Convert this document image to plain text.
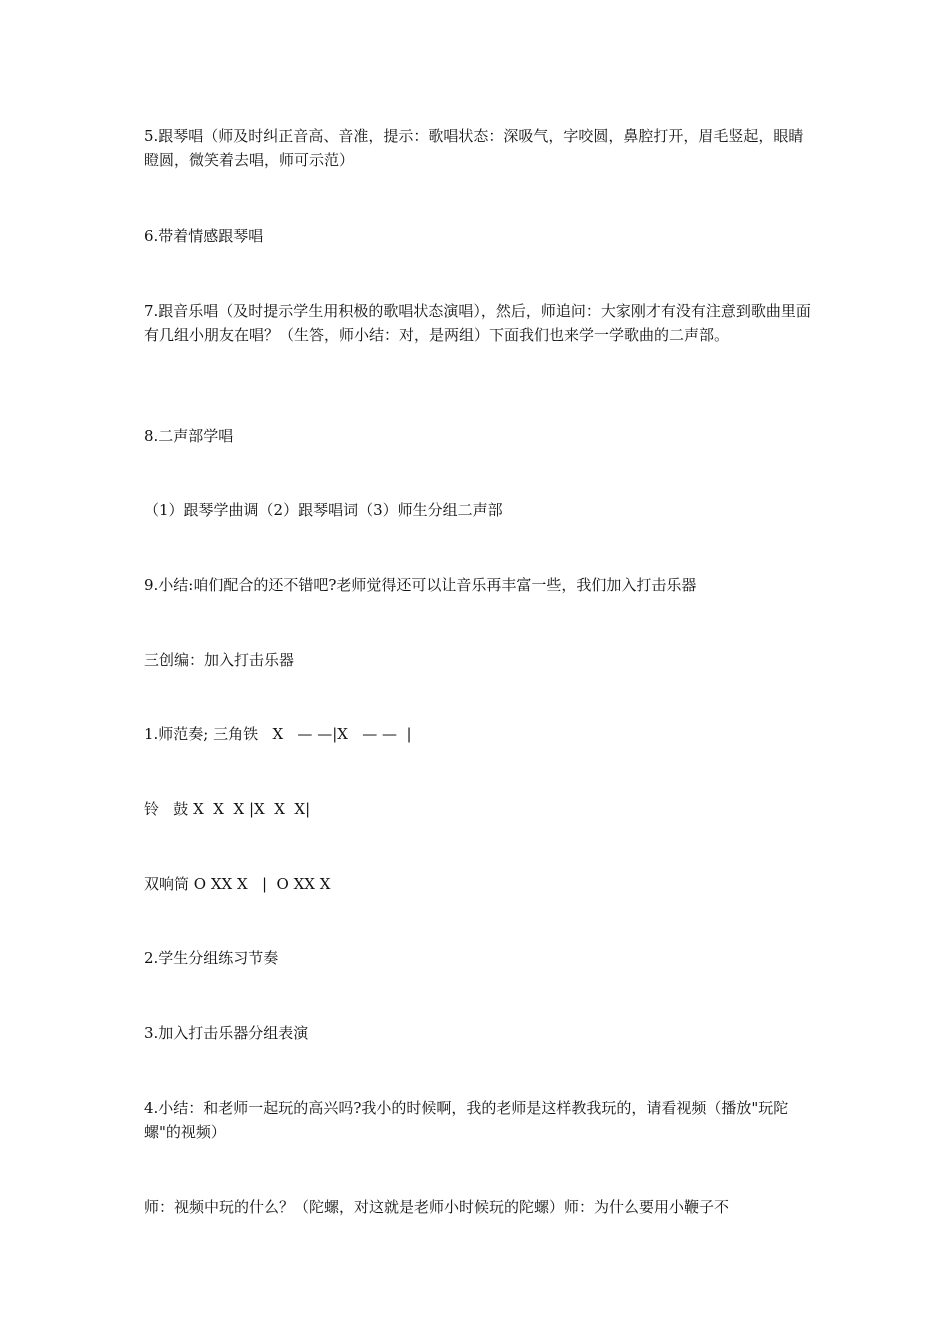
5.跟琴唱（师及时纠正音高、音准，提示：歌唱状态：深吸气，字咬圆，鼻腔打开，眉毛竖起，眼睛瞪圆，微笑着去唱，师可示范）

6.带着情感跟琴唱

7.跟音乐唱（及时提示学生用积极的歌唱状态演唱），然后，师追问：大家刚才有没有注意到歌曲里面有几组小朋友在唱？（生答，师小结：对，是两组）下面我们也来学一学歌曲的二声部。

8.二声部学唱

（1）跟琴学曲调（2）跟琴唱词（3）师生分组二声部

9.小结:咱们配合的还不错吧?老师觉得还可以让音乐再丰富一些，我们加入打击乐器

三创编：加入打击乐器

1.师范奏; 三角铁   X   — —|X   — —  |

铃   鼓 X  X  X |X  X  X|

双响筒 O XX X   |  O XX X

2.学生分组练习节奏

3.加入打击乐器分组表演

4.小结：和老师一起玩的高兴吗?我小的时候啊，我的老师是这样教我玩的，请看视频（播放"玩陀螺"的视频）

师：视频中玩的什么？（陀螺，对这就是老师小时候玩的陀螺）师：为什么要用小鞭子不
